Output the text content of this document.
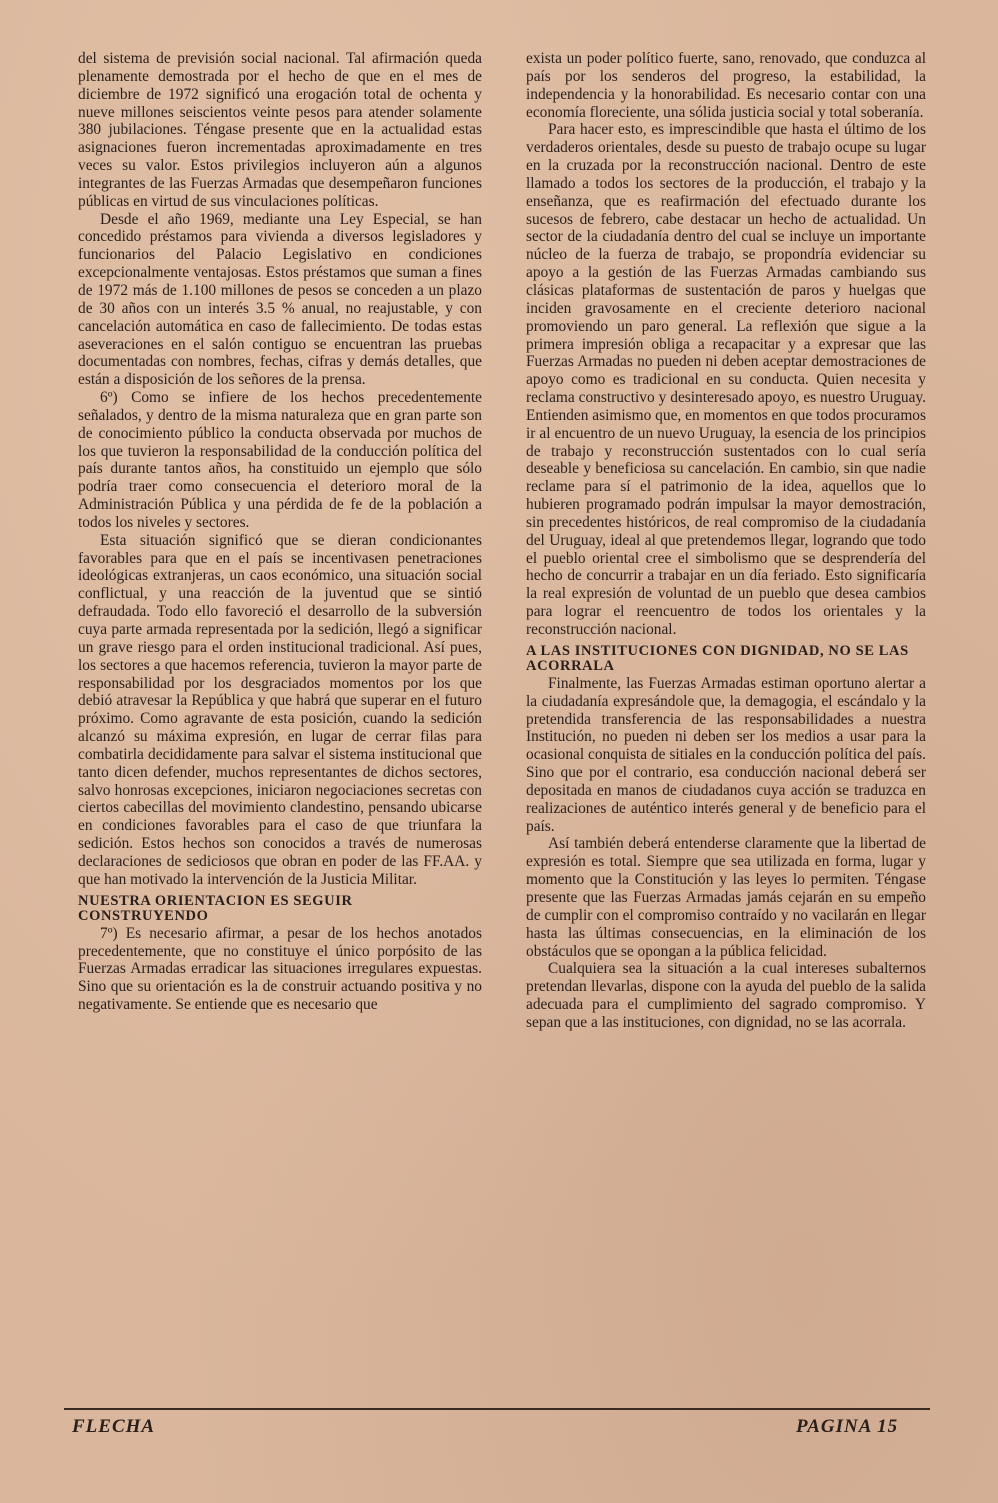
del sistema de previsión social nacional. Tal afirmación queda plenamente demostrada por el hecho de que en el mes de diciembre de 1972 significó una erogación total de ochenta y nueve millones seiscientos veinte pesos para atender solamente 380 jubilaciones. Téngase presente que en la actualidad estas asignaciones fueron incrementadas aproximadamente en tres veces su valor. Estos privilegios incluyeron aún a algunos integrantes de las Fuerzas Armadas que desempeñaron funciones públicas en virtud de sus vinculaciones políticas.

Desde el año 1969, mediante una Ley Especial, se han concedido préstamos para vivienda a diversos legisladores y funcionarios del Palacio Legislativo en condiciones excepcionalmente ventajosas. Estos préstamos que suman a fines de 1972 más de 1.100 millones de pesos se conceden a un plazo de 30 años con un interés 3.5 % anual, no reajustable, y con cancelación automática en caso de fallecimiento. De todas estas aseveraciones en el salón contiguo se encuentran las pruebas documentadas con nombres, fechas, cifras y demás detalles, que están a disposición de los señores de la prensa.

6º) Como se infiere de los hechos precedentemente señalados, y dentro de la misma naturaleza que en gran parte son de conocimiento público la conducta observada por muchos de los que tuvieron la responsabilidad de la conducción política del país durante tantos años, ha constituido un ejemplo que sólo podría traer como consecuencia el deterioro moral de la Administración Pública y una pérdida de fe de la población a todos los niveles y sectores.

Esta situación significó que se dieran condicionantes favorables para que en el país se incentivasen penetraciones ideológicas extranjeras, un caos económico, una situación social conflictual, y una reacción de la juventud que se sintió defraudada. Todo ello favoreció el desarrollo de la subversión cuya parte armada representada por la sedición, llegó a significar un grave riesgo para el orden institucional tradicional. Así pues, los sectores a que hacemos referencia, tuvieron la mayor parte de responsabilidad por los desgraciados momentos por los que debió atravesar la República y que habrá que superar en el futuro próximo. Como agravante de esta posición, cuando la sedición alcanzó su máxima expresión, en lugar de cerrar filas para combatirla decididamente para salvar el sistema institucional que tanto dicen defender, muchos representantes de dichos sectores, salvo honrosas excepciones, iniciaron negociaciones secretas con ciertos cabecillas del movimiento clandestino, pensando ubicarse en condiciones favorables para el caso de que triunfara la sedición. Estos hechos son conocidos a través de numerosas declaraciones de sediciosos que obran en poder de las FF.AA. y que han motivado la intervención de la Justicia Militar.

NUESTRA ORIENTACION ES SEGUIR CONSTRUYENDO

7º) Es necesario afirmar, a pesar de los hechos anotados precedentemente, que no constituye el único porpósito de las Fuerzas Armadas erradicar las situaciones irregulares expuestas. Sino que su orientación es la de construir actuando positiva y no negativamente. Se entiende que es necesario que

exista un poder político fuerte, sano, renovado, que conduzca al país por los senderos del progreso, la estabilidad, la independencia y la honorabilidad. Es necesario contar con una economía floreciente, una sólida justicia social y total soberanía.

Para hacer esto, es imprescindible que hasta el último de los verdaderos orientales, desde su puesto de trabajo ocupe su lugar en la cruzada por la reconstrucción nacional. Dentro de este llamado a todos los sectores de la producción, el trabajo y la enseñanza, que es reafirmación del efectuado durante los sucesos de febrero, cabe destacar un hecho de actualidad. Un sector de la ciudadanía dentro del cual se incluye un importante núcleo de la fuerza de trabajo, se propondría evidenciar su apoyo a la gestión de las Fuerzas Armadas cambiando sus clásicas plataformas de sustentación de paros y huelgas que inciden gravosamente en el creciente deterioro nacional promoviendo un paro general. La reflexión que sigue a la primera impresión obliga a recapacitar y a expresar que las Fuerzas Armadas no pueden ni deben aceptar demostraciones de apoyo como es tradicional en su conducta. Quien necesita y reclama constructivo y desinteresado apoyo, es nuestro Uruguay. Entienden asimismo que, en momentos en que todos procuramos ir al encuentro de un nuevo Uruguay, la esencia de los principios de trabajo y reconstrucción sustentados con lo cual sería deseable y beneficiosa su cancelación. En cambio, sin que nadie reclame para sí el patrimonio de la idea, aquellos que lo hubieren programado podrán impulsar la mayor demostración, sin precedentes históricos, de real compromiso de la ciudadanía del Uruguay, ideal al que pretendemos llegar, logrando que todo el pueblo oriental cree el simbolismo que se desprendería del hecho de concurrir a trabajar en un día feriado. Esto significaría la real expresión de voluntad de un pueblo que desea cambios para lograr el reencuentro de todos los orientales y la reconstrucción nacional.

A LAS INSTITUCIONES CON DIGNIDAD, NO SE LAS ACORRALA

Finalmente, las Fuerzas Armadas estiman oportuno alertar a la ciudadanía expresándole que, la demagogia, el escándalo y la pretendida transferencia de las responsabilidades a nuestra Institución, no pueden ni deben ser los medios a usar para la ocasional conquista de sitiales en la conducción política del país. Sino que por el contrario, esa conducción nacional deberá ser depositada en manos de ciudadanos cuya acción se traduzca en realizaciones de auténtico interés general y de beneficio para el país.

Así también deberá entenderse claramente que la libertad de expresión es total. Siempre que sea utilizada en forma, lugar y momento que la Constitución y las leyes lo permiten. Téngase presente que las Fuerzas Armadas jamás cejarán en su empeño de cumplir con el compromiso contraído y no vacilarán en llegar hasta las últimas consecuencias, en la eliminación de los obstáculos que se opongan a la pública felicidad.

Cualquiera sea la situación a la cual intereses subalternos pretendan llevarlas, dispone con la ayuda del pueblo de la salida adecuada para el cumplimiento del sagrado compromiso. Y sepan que a las instituciones, con dignidad, no se las acorrala.

FLECHA	PAGINA 15
